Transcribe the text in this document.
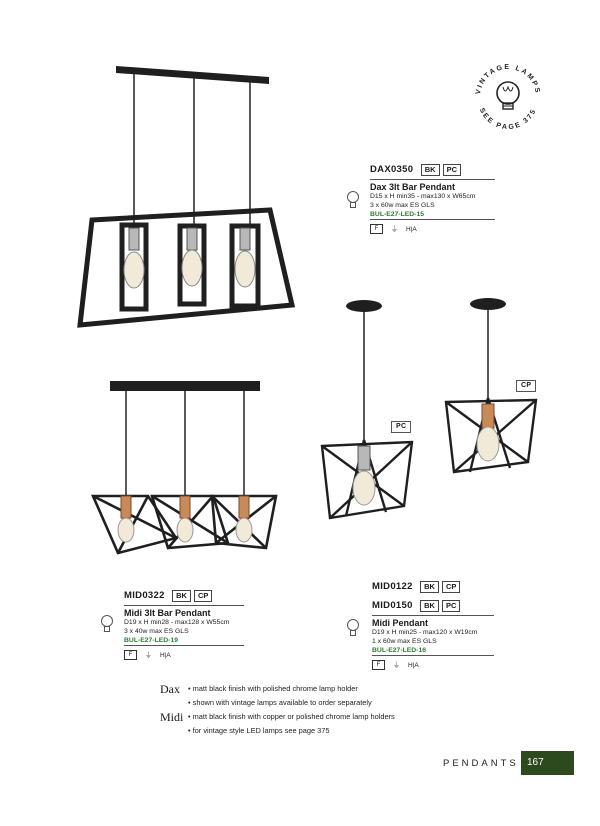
VINTAGE LAMPS
SEE PAGE 375
DAX0350 BK PC
Dax 3lt Bar Pendant
D15 x H min35 - max130 x W65cm
3 x 60w max ES GLS
BUL-E27-LED-15
F	⏚ H|A
PC
CP
MID0322 BK CP
Midi 3lt Bar Pendant
D19 x H min28 - max128 x W55cm
3 x 40w max ES GLS
BUL-E27-LED-19
F	⏚ H|A
MID0122 BK CP
MID0150 BK PC
Midi Pendant
D19 x H min25 - max120 x W19cm
1 x 60w max ES GLS
BUL-E27-LED-16
F	⏚ H|A
Dax	• matt black finish with polished chrome lamp holder
• shown with vintage lamps available to order separately
Midi • matt black finish with copper or polished chrome lamp holders
• for vintage style LED lamps see page 375
PENDANTS 167
